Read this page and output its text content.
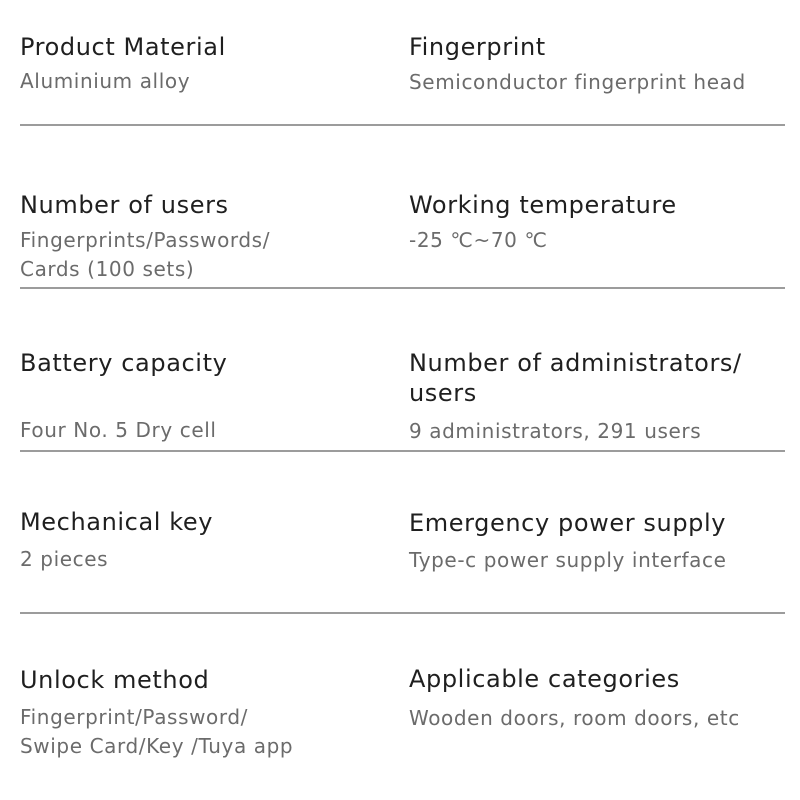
Product Material
Aluminium alloy
Fingerprint
Semiconductor fingerprint head
Number of users
Fingerprints/Passwords/
Cards (100 sets)
Working temperature
-25 ℃~70 ℃
Battery capacity
Four No. 5 Dry cell
Number of administrators/
users
9 administrators, 291 users
Mechanical key
2 pieces
Emergency power supply
Type-c power supply interface
Unlock method
Fingerprint/Password/
Swipe Card/Key /Tuya app
Applicable categories
Wooden doors, room doors, etc
